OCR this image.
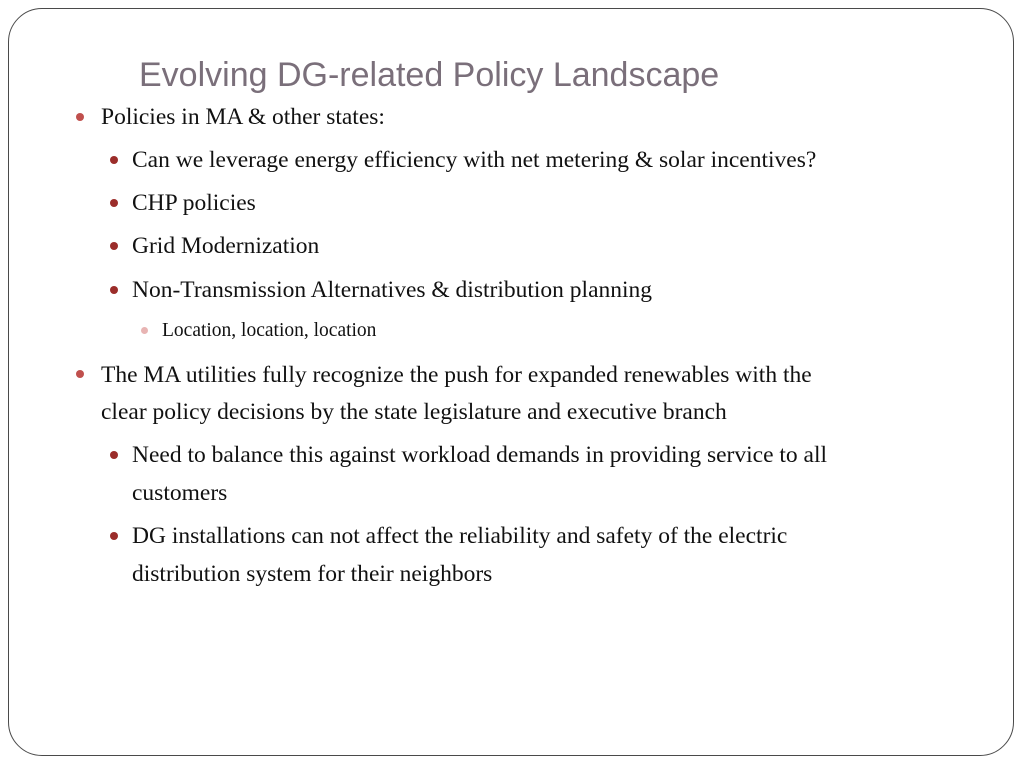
Evolving DG-related Policy Landscape
Policies in MA & other states:
Can we leverage energy efficiency with net metering & solar incentives?
CHP policies
Grid Modernization
Non-Transmission Alternatives & distribution planning
Location, location, location
The MA utilities fully recognize the push for expanded renewables with the
clear policy decisions by the state legislature and executive branch
Need to balance this against workload demands in providing service to all
customers
DG installations can not affect the reliability and safety of the electric
distribution system for their neighbors
